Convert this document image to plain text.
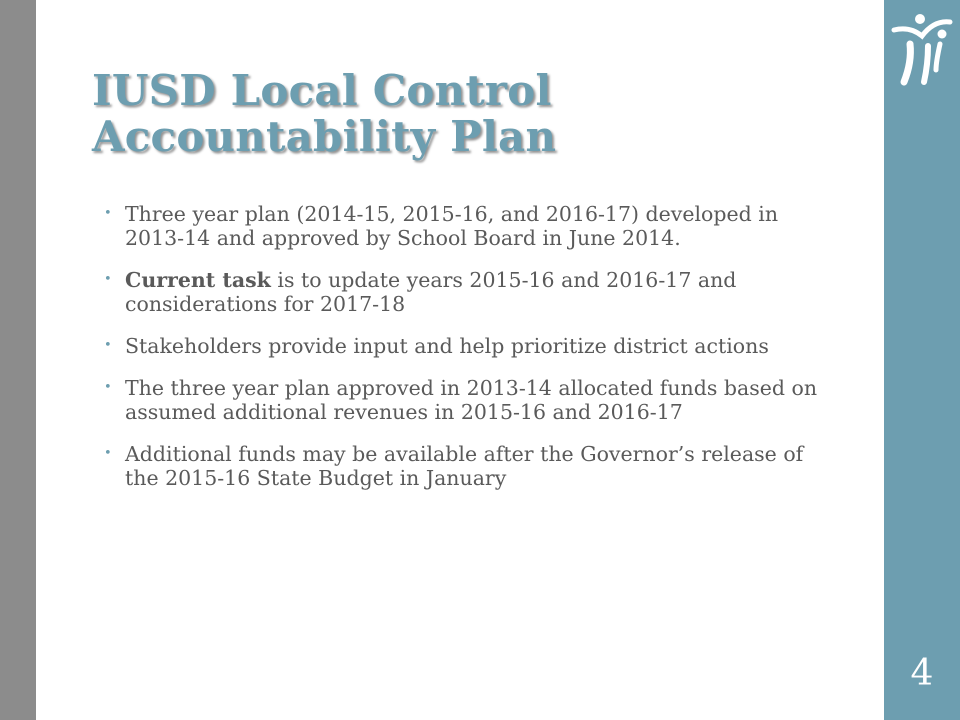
4
IUSD Local Control
Accountability Plan
• Three year plan (2014-15, 2015-16, and 2016-17) developed in 2013-14 and approved by School Board in June 2014.
• Current task is to update years 2015-16 and 2016-17 and considerations for 2017-18
• Stakeholders provide input and help prioritize district actions
• The three year plan approved in 2013-14 allocated funds based on assumed additional revenues in 2015-16 and 2016-17
• Additional funds may be available after the Governor’s release of the 2015-16 State Budget in January
